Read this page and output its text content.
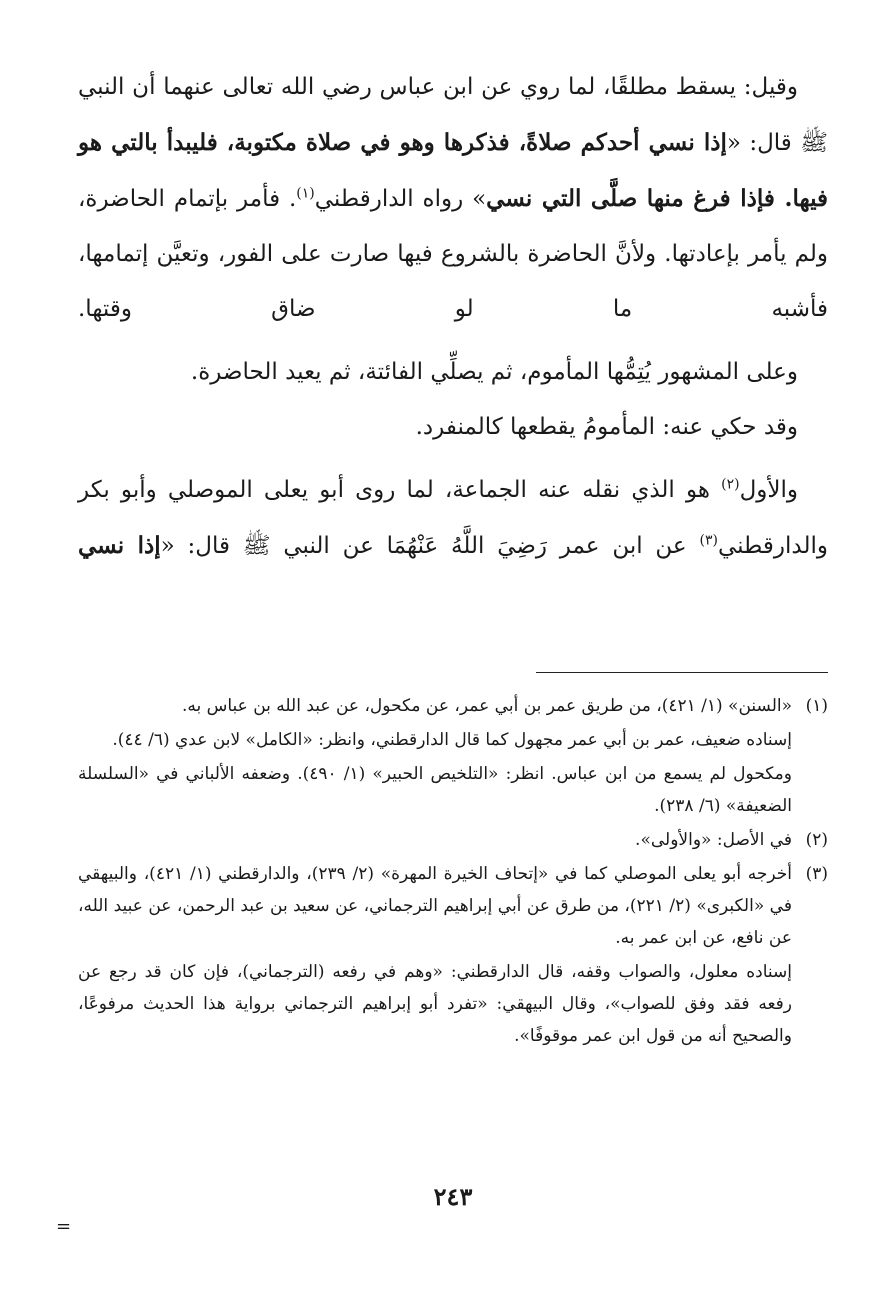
وقيل: يسقط مطلقًا، لما روي عن ابن عباس رضي الله تعالى عنهما أن النبي ﷺ قال: «إذا نسي أحدكم صلاةً، فذكرها وهو في صلاة مكتوبة، فليبدأ بالتي هو فيها. فإذا فرغ منها صلَّى التي نسي» رواه الدارقطني$^{(١)}$. فأمر بإتمام الحاضرة، ولم يأمر بإعادتها. ولأنَّ الحاضرة بالشروع فيها صارت على الفور، وتعيَّن إتمامها، فأشبه ما لو ضاق وقتها.

وعلى المشهور يُتِمُّها المأموم، ثم يصلِّي الفائتة، ثم يعيد الحاضرة.

وقد حكي عنه: المأمومُ يقطعها كالمنفرد.

والأول$^{(٢)}$ هو الذي نقله عنه الجماعة، لما روى أبو يعلى الموصلي وأبو بكر والدارقطني$^{(٣)}$ عن ابن عمر رَضِيَ اللَّهُ عَنْهُمَا عن النبي ﷺ قال: «إذا نسي

(١)

«السنن» (١/ ٤٢١)، من طريق عمر بن أبي عمر، عن مكحول، عن عبد الله بن عباس به.

إسناده ضعيف، عمر بن أبي عمر مجهول كما قال الدارقطني، وانظر: «الكامل» لابن عدي (٦/ ٤٤).

ومكحول لم يسمع من ابن عباس. انظر: «التلخيص الحبير» (١/ ٤٩٠). وضعفه الألباني في «السلسلة الضعيفة» (٦/ ٢٣٨).

(٢)

في الأصل: «والأولى».

(٣)

أخرجه أبو يعلى الموصلي كما في «إتحاف الخيرة المهرة» (٢/ ٢٣٩)، والدارقطني (١/ ٤٢١)، والبيهقي في «الكبرى» (٢/ ٢٢١)، من طرق عن أبي إبراهيم الترجماني، عن سعيد بن عبد الرحمن، عن عبيد الله، عن نافع، عن ابن عمر به.

إسناده معلول، والصواب وقفه، قال الدارقطني: «وهم في رفعه (الترجماني)، فإن كان قد رجع عن رفعه فقد وفق للصواب»، وقال البيهقي: «تفرد أبو إبراهيم الترجماني برواية هذا الحديث مرفوعًا، والصحيح أنه من قول ابن عمر موقوفًا».

=
٢٤٣
